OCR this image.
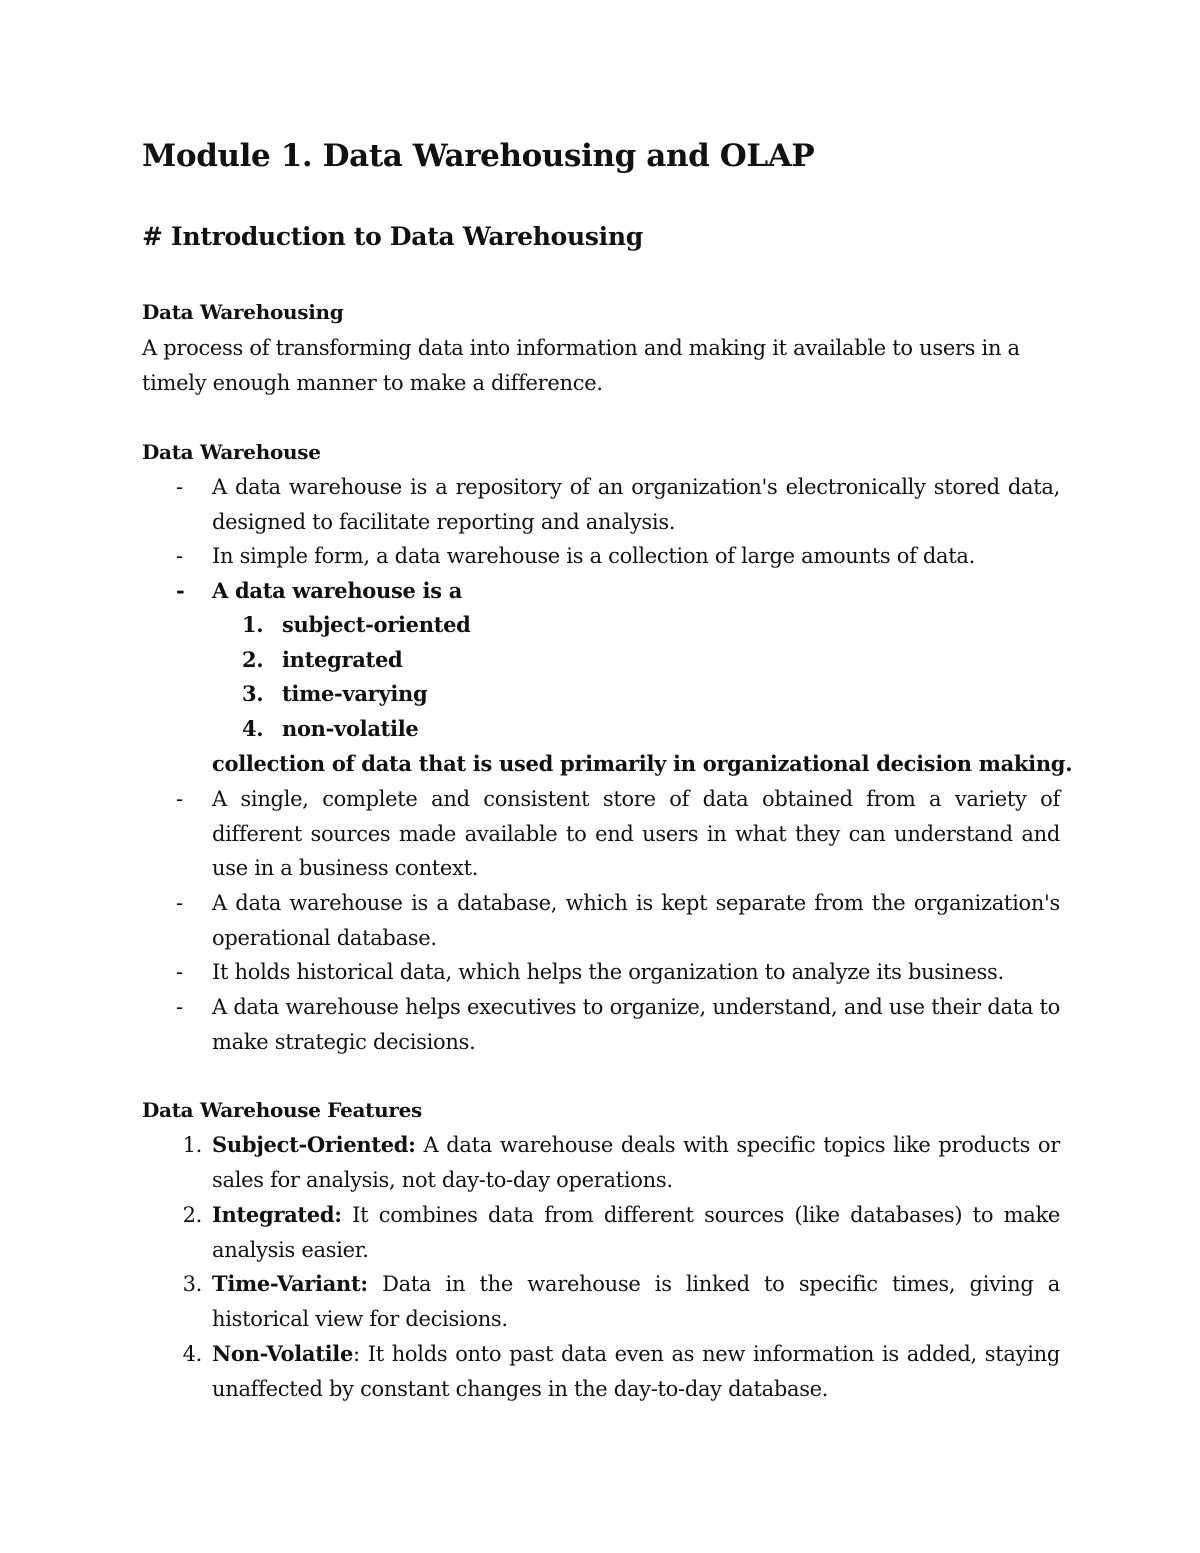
Module 1. Data Warehousing and OLAP
# Introduction to Data Warehousing

Data Warehousing

A process of transforming data into information and making it available to users in a timely enough manner to make a difference.

Data Warehouse

-	A data warehouse is a repository of an organization's electronically stored data, designed to facilitate reporting and analysis.
-	In simple form, a data warehouse is a collection of large amounts of data.
-	A data warehouse is a
1. subject-oriented
2. integrated
3. time-varying
4. non-volatile
collection of data that is used primarily in organizational decision making.
-	A single, complete and consistent store of data obtained from a variety of different sources made available to end users in what they can understand and use in a business context.
-	A data warehouse is a database, which is kept separate from the organization's operational database.
-	It holds historical data, which helps the organization to analyze its business.
-	A data warehouse helps executives to organize, understand, and use their data to make strategic decisions.

Data Warehouse Features

1. Subject-Oriented: A data warehouse deals with specific topics like products or sales for analysis, not day-to-day operations.
2. Integrated: It combines data from different sources (like databases) to make analysis easier.
3. Time-Variant: Data in the warehouse is linked to specific times, giving a historical view for decisions.
4. Non-Volatile: It holds onto past data even as new information is added, staying unaffected by constant changes in the day-to-day database.
